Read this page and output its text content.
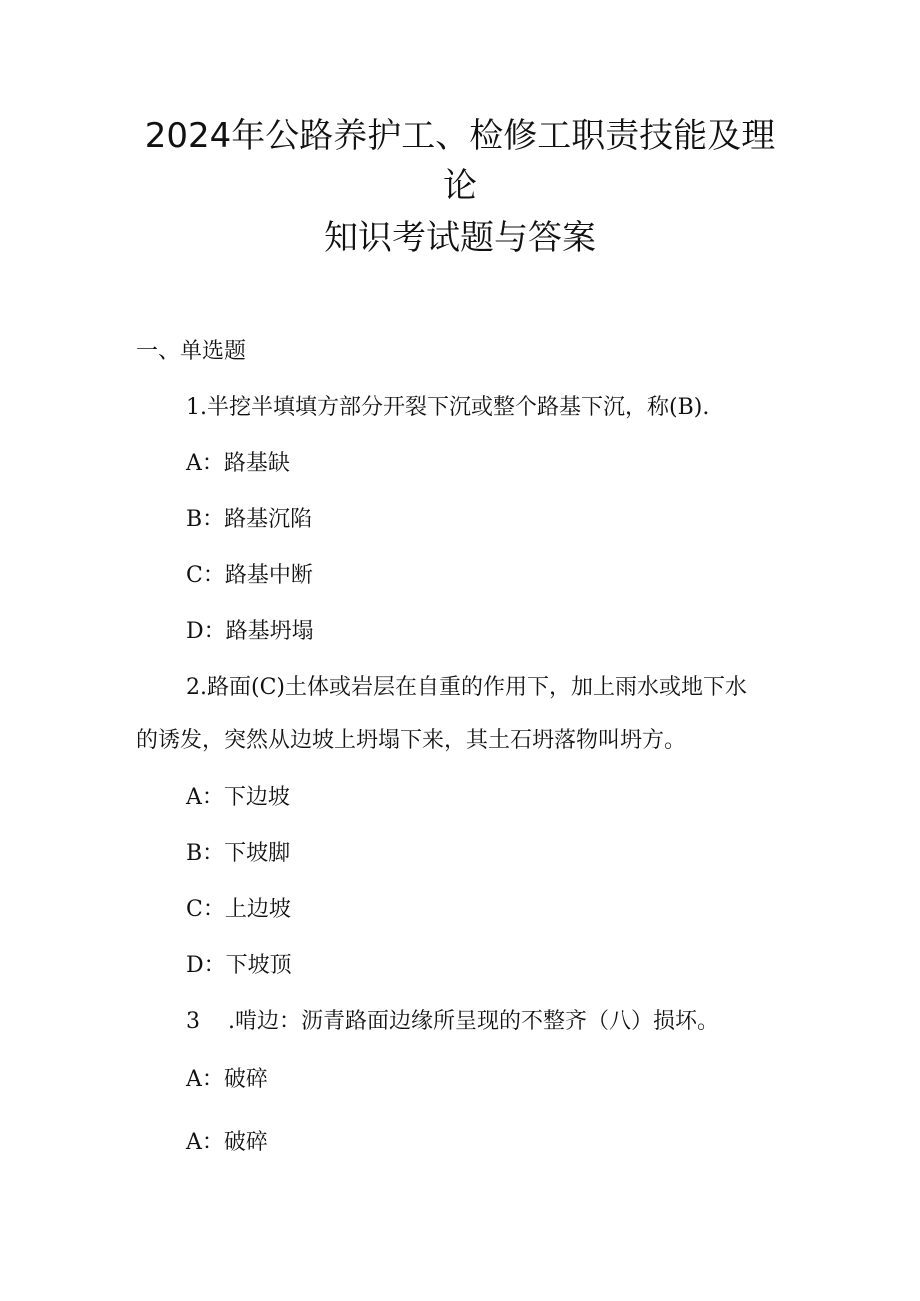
2024年公路养护工、检修工职责技能及理
论
知识考试题与答案
一、单选题
1.半挖半填填方部分开裂下沉或整个路基下沉，称(B).
A：路基缺
B：路基沉陷
C：路基中断
D：路基坍塌
2.路面(C)土体或岩层在自重的作用下，加上雨水或地下水
的诱发，突然从边坡上坍塌下来，其土石坍落物叫坍方。
A：下边坡
B：下坡脚
C：上边坡
D：下坡顶
3    .啃边：沥青路面边缘所呈现的不整齐（八）损坏。
A：破碎
A：破碎
